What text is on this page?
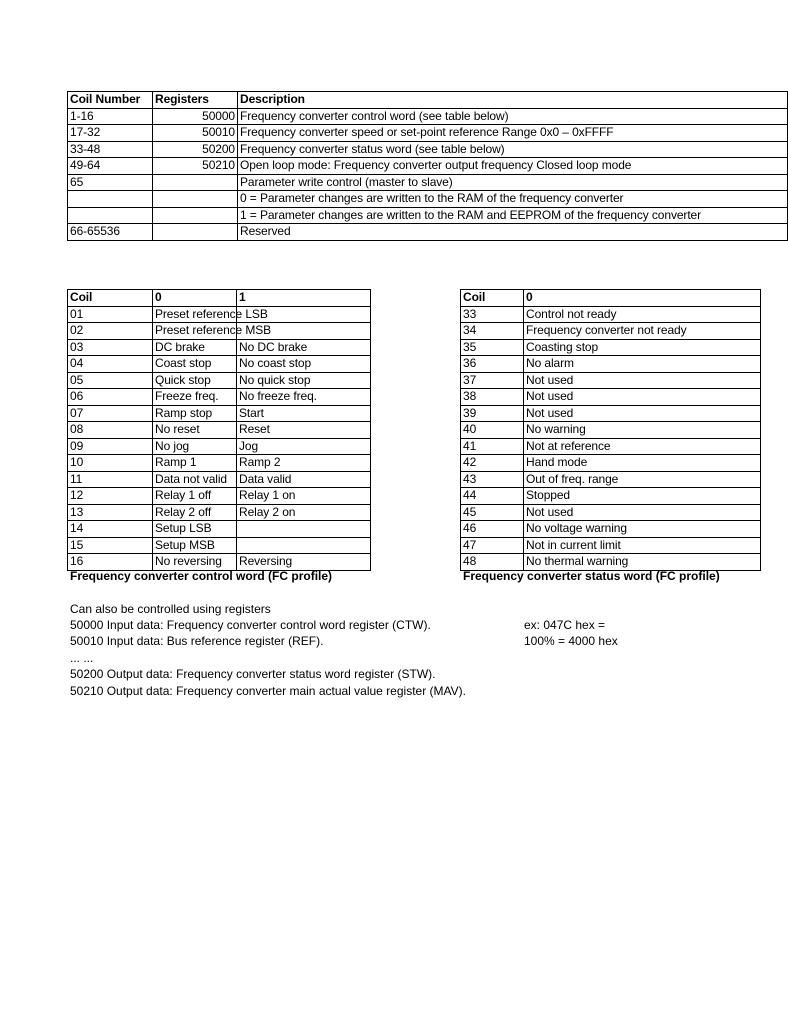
Coil Number	Registers	Description
1-16	50000	Frequency converter control word (see table below)
17-32	50010	Frequency converter speed or set-point reference Range 0x0 – 0xFFFF
33-48	50200	Frequency converter status word (see table below)
49-64	50210	Open loop mode: Frequency converter output frequency Closed loop mode
65		Parameter write control (master to slave)
		0 = Parameter changes are written to the RAM of the frequency converter
		1 = Parameter changes are written to the RAM and EEPROM of the frequency converter
66-65536		Reserved
Coil	0	1
01	Preset reference LSB	
02	Preset reference MSB	
03	DC brake	No DC brake
04	Coast stop	No coast stop
05	Quick stop	No quick stop
06	Freeze freq.	No freeze freq.
07	Ramp stop	Start
08	No reset	Reset
09	No jog	Jog
10	Ramp 1	Ramp 2
11	Data not valid	Data valid
12	Relay 1 off	Relay 1 on
13	Relay 2 off	Relay 2 on
14	Setup LSB	
15	Setup MSB	
16	No reversing	Reversing
Frequency converter control word (FC profile)
Coil	0
33	Control not ready
34	Frequency converter not ready
35	Coasting stop
36	No alarm
37	Not used
38	Not used
39	Not used
40	No warning
41	Not at reference
42	Hand mode
43	Out of freq. range
44	Stopped
45	Not used
46	No voltage warning
47	Not in current limit
48	No thermal warning
Frequency converter status word (FC profile)
Can also be controlled using registers
50000 Input data: Frequency converter control word register (CTW).
50010 Input data: Bus reference register (REF).
... ...
50200 Output data: Frequency converter status word register (STW).
50210 Output data: Frequency converter main actual value register (MAV).
ex: 047C hex =
100% = 4000 hex
